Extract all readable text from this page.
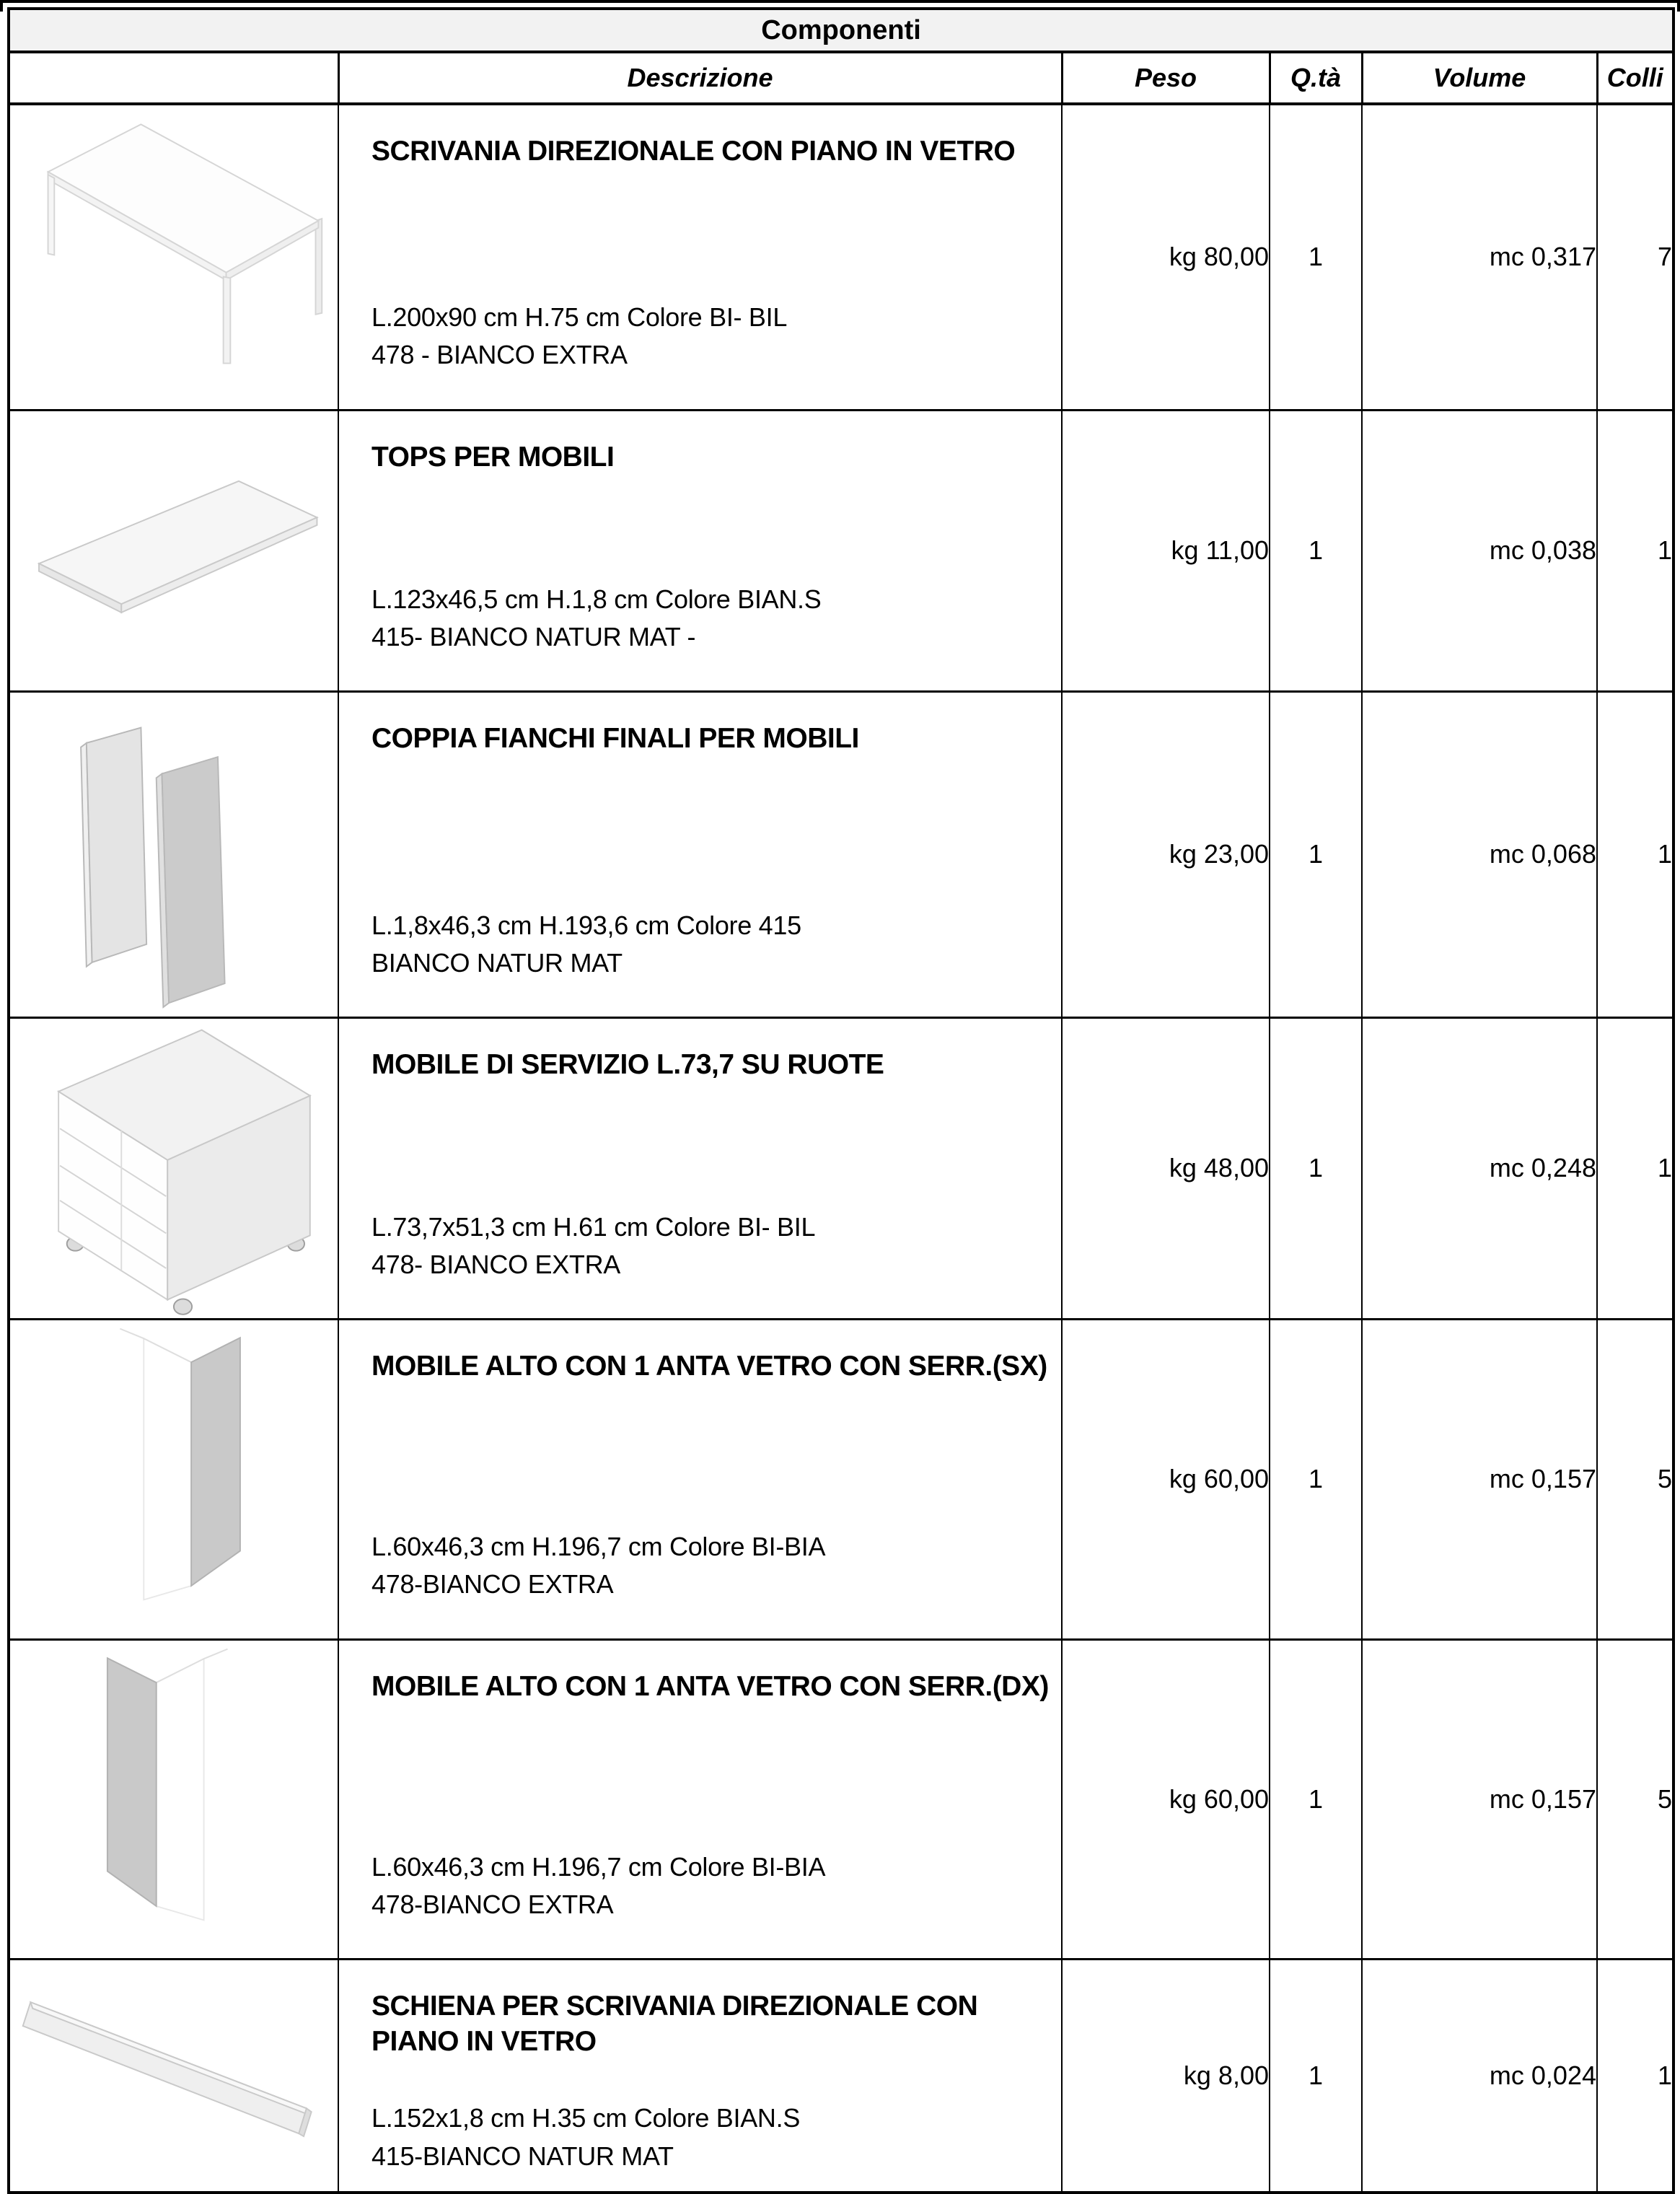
Componenti					
	Descrizione	Peso	Q.tà	Volume	Colli

SCRIVANIA DIREZIONALE CON PIANO IN VETRO
L.200x90 cm H.75 cm Colore BI- BIL
478 - BIANCO EXTRA	kg 80,00	1	mc 0,317	7

TOPS PER MOBILI
L.123x46,5 cm H.1,8 cm Colore BIAN.S
415- BIANCO NATUR MAT -	kg 11,00	1	mc 0,038	1

COPPIA FIANCHI FINALI PER MOBILI
L.1,8x46,3 cm H.193,6 cm Colore 415
BIANCO NATUR MAT	kg 23,00	1	mc 0,068	1

MOBILE DI SERVIZIO L.73,7 SU RUOTE
L.73,7x51,3 cm H.61 cm Colore BI- BIL
478- BIANCO EXTRA	kg 48,00	1	mc 0,248	1

MOBILE ALTO CON 1 ANTA VETRO CON SERR.(SX)
L.60x46,3 cm H.196,7 cm Colore BI-BIA
478-BIANCO EXTRA	kg 60,00	1	mc 0,157	5

MOBILE ALTO CON 1 ANTA VETRO CON SERR.(DX)
L.60x46,3 cm H.196,7 cm Colore BI-BIA
478-BIANCO EXTRA	kg 60,00	1	mc 0,157	5

SCHIENA PER SCRIVANIA DIREZIONALE CON PIANO IN VETRO
L.152x1,8 cm H.35 cm Colore BIAN.S
415-BIANCO NATUR MAT	kg 8,00	1	mc 0,024	1
